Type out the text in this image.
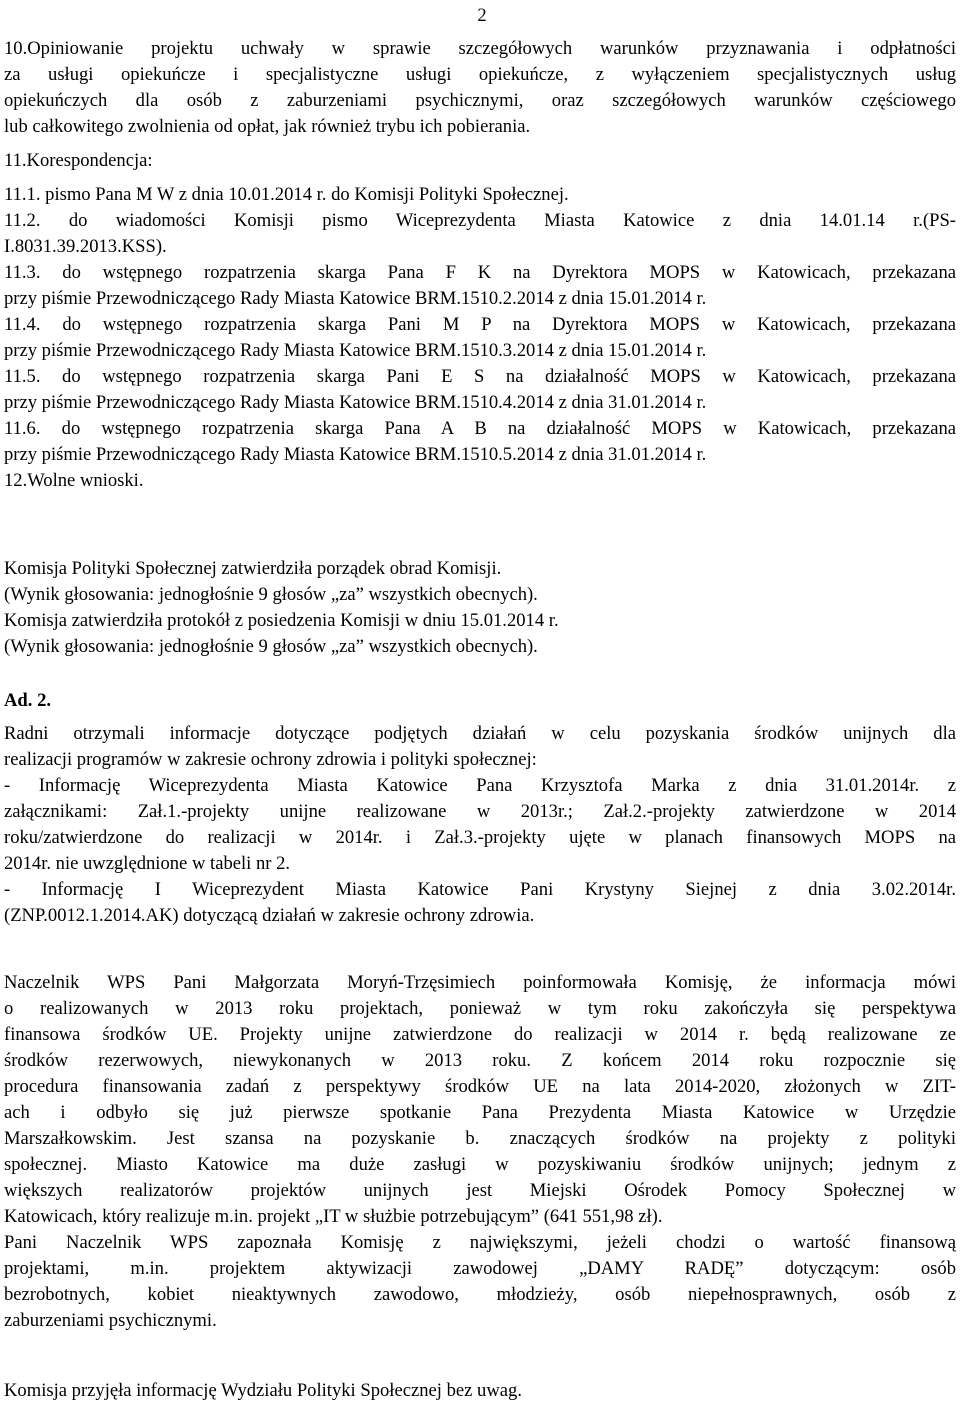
2
10.Opiniowanie projektu uchwały w sprawie szczegółowych warunków przyznawania i odpłatności
za usługi opiekuńcze i specjalistyczne usługi opiekuńcze, z wyłączeniem specjalistycznych usług
opiekuńczych dla osób z zaburzeniami psychicznymi, oraz szczegółowych warunków częściowego
lub całkowitego zwolnienia od opłat, jak również trybu ich pobierania.
11.Korespondencja:
11.1. pismo Pana M W z dnia 10.01.2014 r. do Komisji Polityki Społecznej.
11.2. do wiadomości Komisji pismo Wiceprezydenta Miasta Katowice z dnia 14.01.14 r.(PS-
I.8031.39.2013.KSS).
11.3. do wstępnego rozpatrzenia skarga Pana F K na Dyrektora MOPS w Katowicach, przekazana
przy piśmie Przewodniczącego Rady Miasta Katowice BRM.1510.2.2014 z dnia 15.01.2014 r.
11.4. do wstępnego rozpatrzenia skarga Pani M P na Dyrektora MOPS w Katowicach, przekazana
przy piśmie Przewodniczącego Rady Miasta Katowice BRM.1510.3.2014 z dnia 15.01.2014 r.
11.5. do wstępnego rozpatrzenia skarga Pani E S na działalność MOPS w Katowicach, przekazana
przy piśmie Przewodniczącego Rady Miasta Katowice BRM.1510.4.2014 z dnia 31.01.2014 r.
11.6. do wstępnego rozpatrzenia skarga Pana A B na działalność MOPS w Katowicach, przekazana
przy piśmie Przewodniczącego Rady Miasta Katowice BRM.1510.5.2014 z dnia 31.01.2014 r.
12.Wolne wnioski.
Komisja Polityki Społecznej zatwierdziła porządek obrad Komisji.
(Wynik głosowania: jednogłośnie 9 głosów „za” wszystkich obecnych).
Komisja zatwierdziła protokół z posiedzenia Komisji w dniu 15.01.2014 r.
(Wynik głosowania: jednogłośnie 9 głosów „za” wszystkich obecnych).
Ad. 2.
Radni otrzymali informacje dotyczące podjętych działań w celu pozyskania środków unijnych dla
realizacji programów w zakresie ochrony zdrowia i polityki społecznej:
- Informację Wiceprezydenta Miasta Katowice Pana Krzysztofa Marka z dnia 31.01.2014r. z
załącznikami: Zał.1.-projekty unijne realizowane w 2013r.; Zał.2.-projekty zatwierdzone w 2014
roku/zatwierdzone do realizacji w 2014r. i Zał.3.-projekty ujęte w planach finansowych MOPS na
2014r. nie uwzględnione w tabeli nr 2.
- Informację I Wiceprezydent Miasta Katowice Pani Krystyny Siejnej z dnia 3.02.2014r.
(ZNP.0012.1.2014.AK) dotyczącą działań w zakresie ochrony zdrowia.
Naczelnik WPS Pani Małgorzata Moryń-Trzęsimiech poinformowała Komisję, że informacja mówi
o realizowanych w 2013 roku projektach, ponieważ w tym roku zakończyła się perspektywa
finansowa środków UE. Projekty unijne zatwierdzone do realizacji w 2014 r. będą realizowane ze
środków rezerwowych, niewykonanych w 2013 roku. Z końcem 2014 roku rozpocznie się
procedura finansowania zadań z perspektywy środków UE na lata 2014-2020, złożonych w ZIT-
ach i odbyło się już pierwsze spotkanie Pana Prezydenta Miasta Katowice w Urzędzie
Marszałkowskim. Jest szansa na pozyskanie b. znaczących środków na projekty z polityki
społecznej. Miasto Katowice ma duże zasługi w pozyskiwaniu środków unijnych; jednym z
większych realizatorów projektów unijnych jest Miejski Ośrodek Pomocy Społecznej w
Katowicach, który realizuje m.in. projekt „IT w służbie potrzebującym” (641 551,98 zł).
Pani Naczelnik WPS zapoznała Komisję z największymi, jeżeli chodzi o wartość finansową
projektami, m.in. projektem aktywizacji zawodowej „DAMY RADĘ” dotyczącym: osób
bezrobotnych, kobiet nieaktywnych zawodowo, młodzieży, osób niepełnosprawnych, osób z
zaburzeniami psychicznymi.
Komisja przyjęła informację Wydziału Polityki Społecznej bez uwag.
